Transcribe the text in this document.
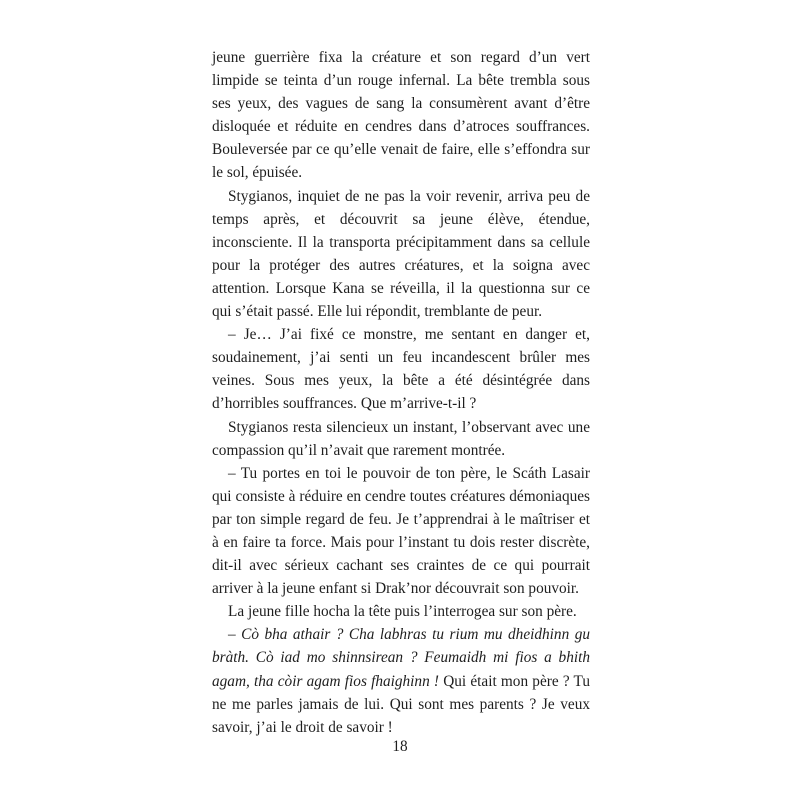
jeune guerrière fixa la créature et son regard d’un vert limpide se teinta d’un rouge infernal. La bête trembla sous ses yeux, des vagues de sang la consumèrent avant d’être disloquée et réduite en cendres dans d’atroces souffrances. Bouleversée par ce qu’elle venait de faire, elle s’effondra sur le sol, épuisée.

Stygianos, inquiet de ne pas la voir revenir, arriva peu de temps après, et découvrit sa jeune élève, étendue, inconsciente. Il la transporta précipitamment dans sa cellule pour la protéger des autres créatures, et la soigna avec attention. Lorsque Kana se réveilla, il la questionna sur ce qui s’était passé. Elle lui répondit, tremblante de peur.

– Je… J’ai fixé ce monstre, me sentant en danger et, soudainement, j’ai senti un feu incandescent brûler mes veines. Sous mes yeux, la bête a été désintégrée dans d’horribles souffrances. Que m’arrive-t-il ?

Stygianos resta silencieux un instant, l’observant avec une compassion qu’il n’avait que rarement montrée.

– Tu portes en toi le pouvoir de ton père, le Scáth Lasair qui consiste à réduire en cendre toutes créatures démoniaques par ton simple regard de feu. Je t’apprendrai à le maîtriser et à en faire ta force. Mais pour l’instant tu dois rester discrète, dit-il avec sérieux cachant ses craintes de ce qui pourrait arriver à la jeune enfant si Drak’nor découvrait son pouvoir.

La jeune fille hocha la tête puis l’interrogea sur son père.

– Cò bha athair ? Cha labhras tu rium mu dheidhinn gu bràth. Cò iad mo shinnsirean ? Feumaidh mi fios a bhith agam, tha còir agam fios fhaighinn ! Qui était mon père ? Tu ne me parles jamais de lui. Qui sont mes parents ? Je veux savoir, j’ai le droit de savoir !

18
